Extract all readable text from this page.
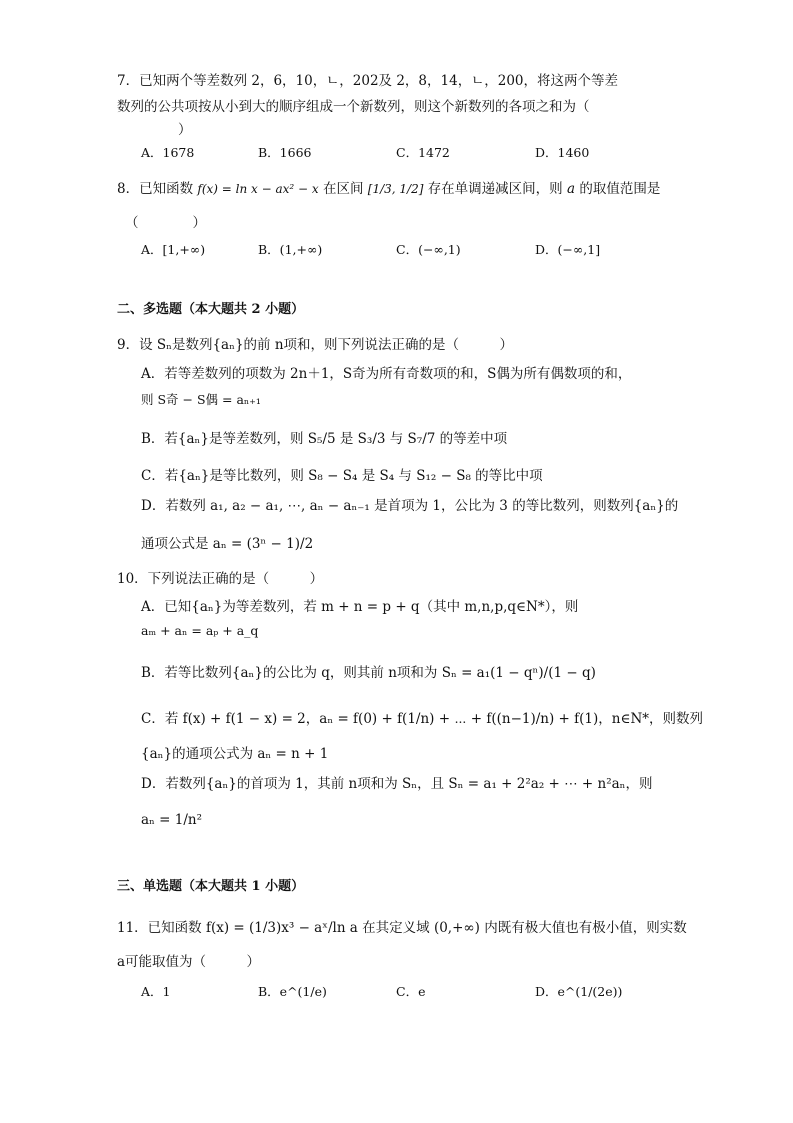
7．已知两个等差数列 2，6，10，ㄴ，202及 2，8，14，ㄴ，200，将这两个等差
数列的公共项按从小到大的顺序组成一个新数列，则这个新数列的各项之和为（
）
A．1678	B．1666	C．1472	D．1460
8．已知函数 f(x) = ln x − ax² − x 在区间 [1/3, 1/2] 存在单调递减区间，则 a 的取值范围是
（　　　　）
A．[1,+∞)	B．(1,+∞)	C．(−∞,1)	D．(−∞,1]
二、多选题（本大题共 2 小题）
9．设 Sₙ是数列{aₙ}的前 n项和，则下列说法正确的是（　　　）
A．若等差数列的项数为 2n＋1，S奇为所有奇数项的和，S偶为所有偶数项的和，
则 S奇 − S偶 = aₙ₊₁
B．若{aₙ}是等差数列，则 S₅/5 是 S₃/3 与 S₇/7 的等差中项
C．若{aₙ}是等比数列，则 S₈ − S₄ 是 S₄ 与 S₁₂ − S₈ 的等比中项
D．若数列 a₁, a₂ − a₁, ⋯, aₙ − aₙ₋₁ 是首项为 1，公比为 3 的等比数列，则数列{aₙ}的
通项公式是 aₙ = (3ⁿ − 1)/2
10．下列说法正确的是（　　　）
A．已知{aₙ}为等差数列，若 m + n = p + q（其中 m,n,p,q∈N*），则
aₘ + aₙ = aₚ + a_q
B．若等比数列{aₙ}的公比为 q，则其前 n项和为 Sₙ = a₁(1 − qⁿ)/(1 − q)
C．若 f(x) + f(1 − x) = 2，aₙ = f(0) + f(1/n) + ⋯ + f((n−1)/n) + f(1)，n∈N*，则数列
{aₙ}的通项公式为 aₙ = n + 1
D．若数列{aₙ}的首项为 1，其前 n项和为 Sₙ，且 Sₙ = a₁ + 2²a₂ + ⋯ + n²aₙ，则
aₙ = 1/n²
三、单选题（本大题共 1 小题）
11．已知函数 f(x) = (1/3)x³ − aˣ/ln a 在其定义域 (0,+∞) 内既有极大值也有极小值，则实数
a可能取值为（　　　）
A．1	B．e^(1/e)	C．e	D．e^(1/(2e))
